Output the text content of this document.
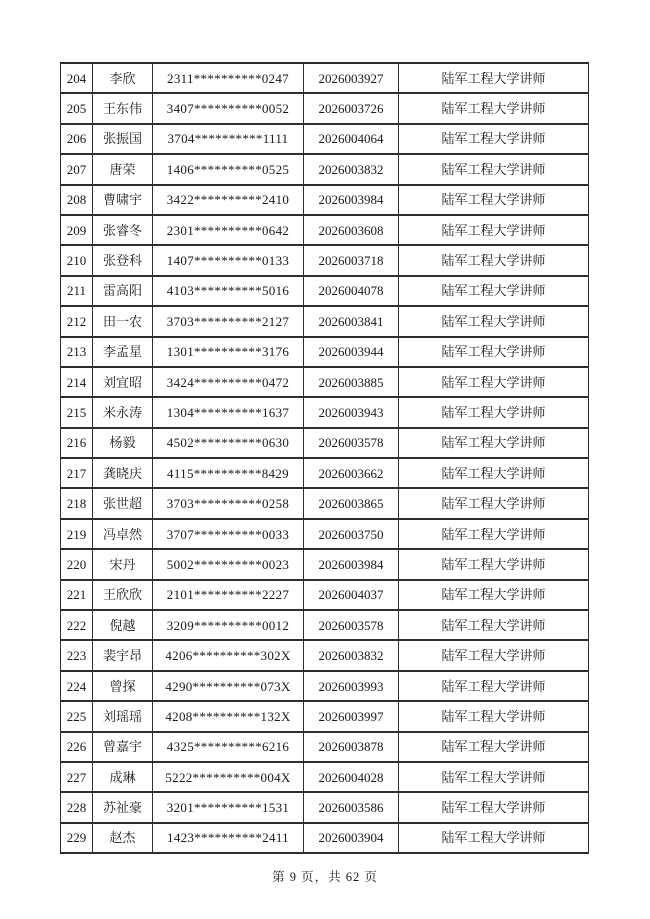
204	李欣	2311**********0247	2026003927	陆军工程大学讲师
205	王东伟	3407**********0052	2026003726	陆军工程大学讲师
206	张振国	3704**********1111	2026004064	陆军工程大学讲师
207	唐荣	1406**********0525	2026003832	陆军工程大学讲师
208	曹啸宇	3422**********2410	2026003984	陆军工程大学讲师
209	张睿冬	2301**********0642	2026003608	陆军工程大学讲师
210	张登科	1407**********0133	2026003718	陆军工程大学讲师
211	雷高阳	4103**********5016	2026004078	陆军工程大学讲师
212	田一农	3703**********2127	2026003841	陆军工程大学讲师
213	李孟星	1301**********3176	2026003944	陆军工程大学讲师
214	刘宜昭	3424**********0472	2026003885	陆军工程大学讲师
215	米永涛	1304**********1637	2026003943	陆军工程大学讲师
216	杨毅	4502**********0630	2026003578	陆军工程大学讲师
217	龚晓庆	4115**********8429	2026003662	陆军工程大学讲师
218	张世超	3703**********0258	2026003865	陆军工程大学讲师
219	冯卓然	3707**********0033	2026003750	陆军工程大学讲师
220	宋丹	5002**********0023	2026003984	陆军工程大学讲师
221	王欣欣	2101**********2227	2026004037	陆军工程大学讲师
222	倪越	3209**********0012	2026003578	陆军工程大学讲师
223	裴宇昂	4206**********302X	2026003832	陆军工程大学讲师
224	曾探	4290**********073X	2026003993	陆军工程大学讲师
225	刘瑶瑶	4208**********132X	2026003997	陆军工程大学讲师
226	曾嘉宇	4325**********6216	2026003878	陆军工程大学讲师
227	成琳	5222**********004X	2026004028	陆军工程大学讲师
228	苏祉豪	3201**********1531	2026003586	陆军工程大学讲师
229	赵杰	1423**********2411	2026003904	陆军工程大学讲师
第 9 页，共 62 页
